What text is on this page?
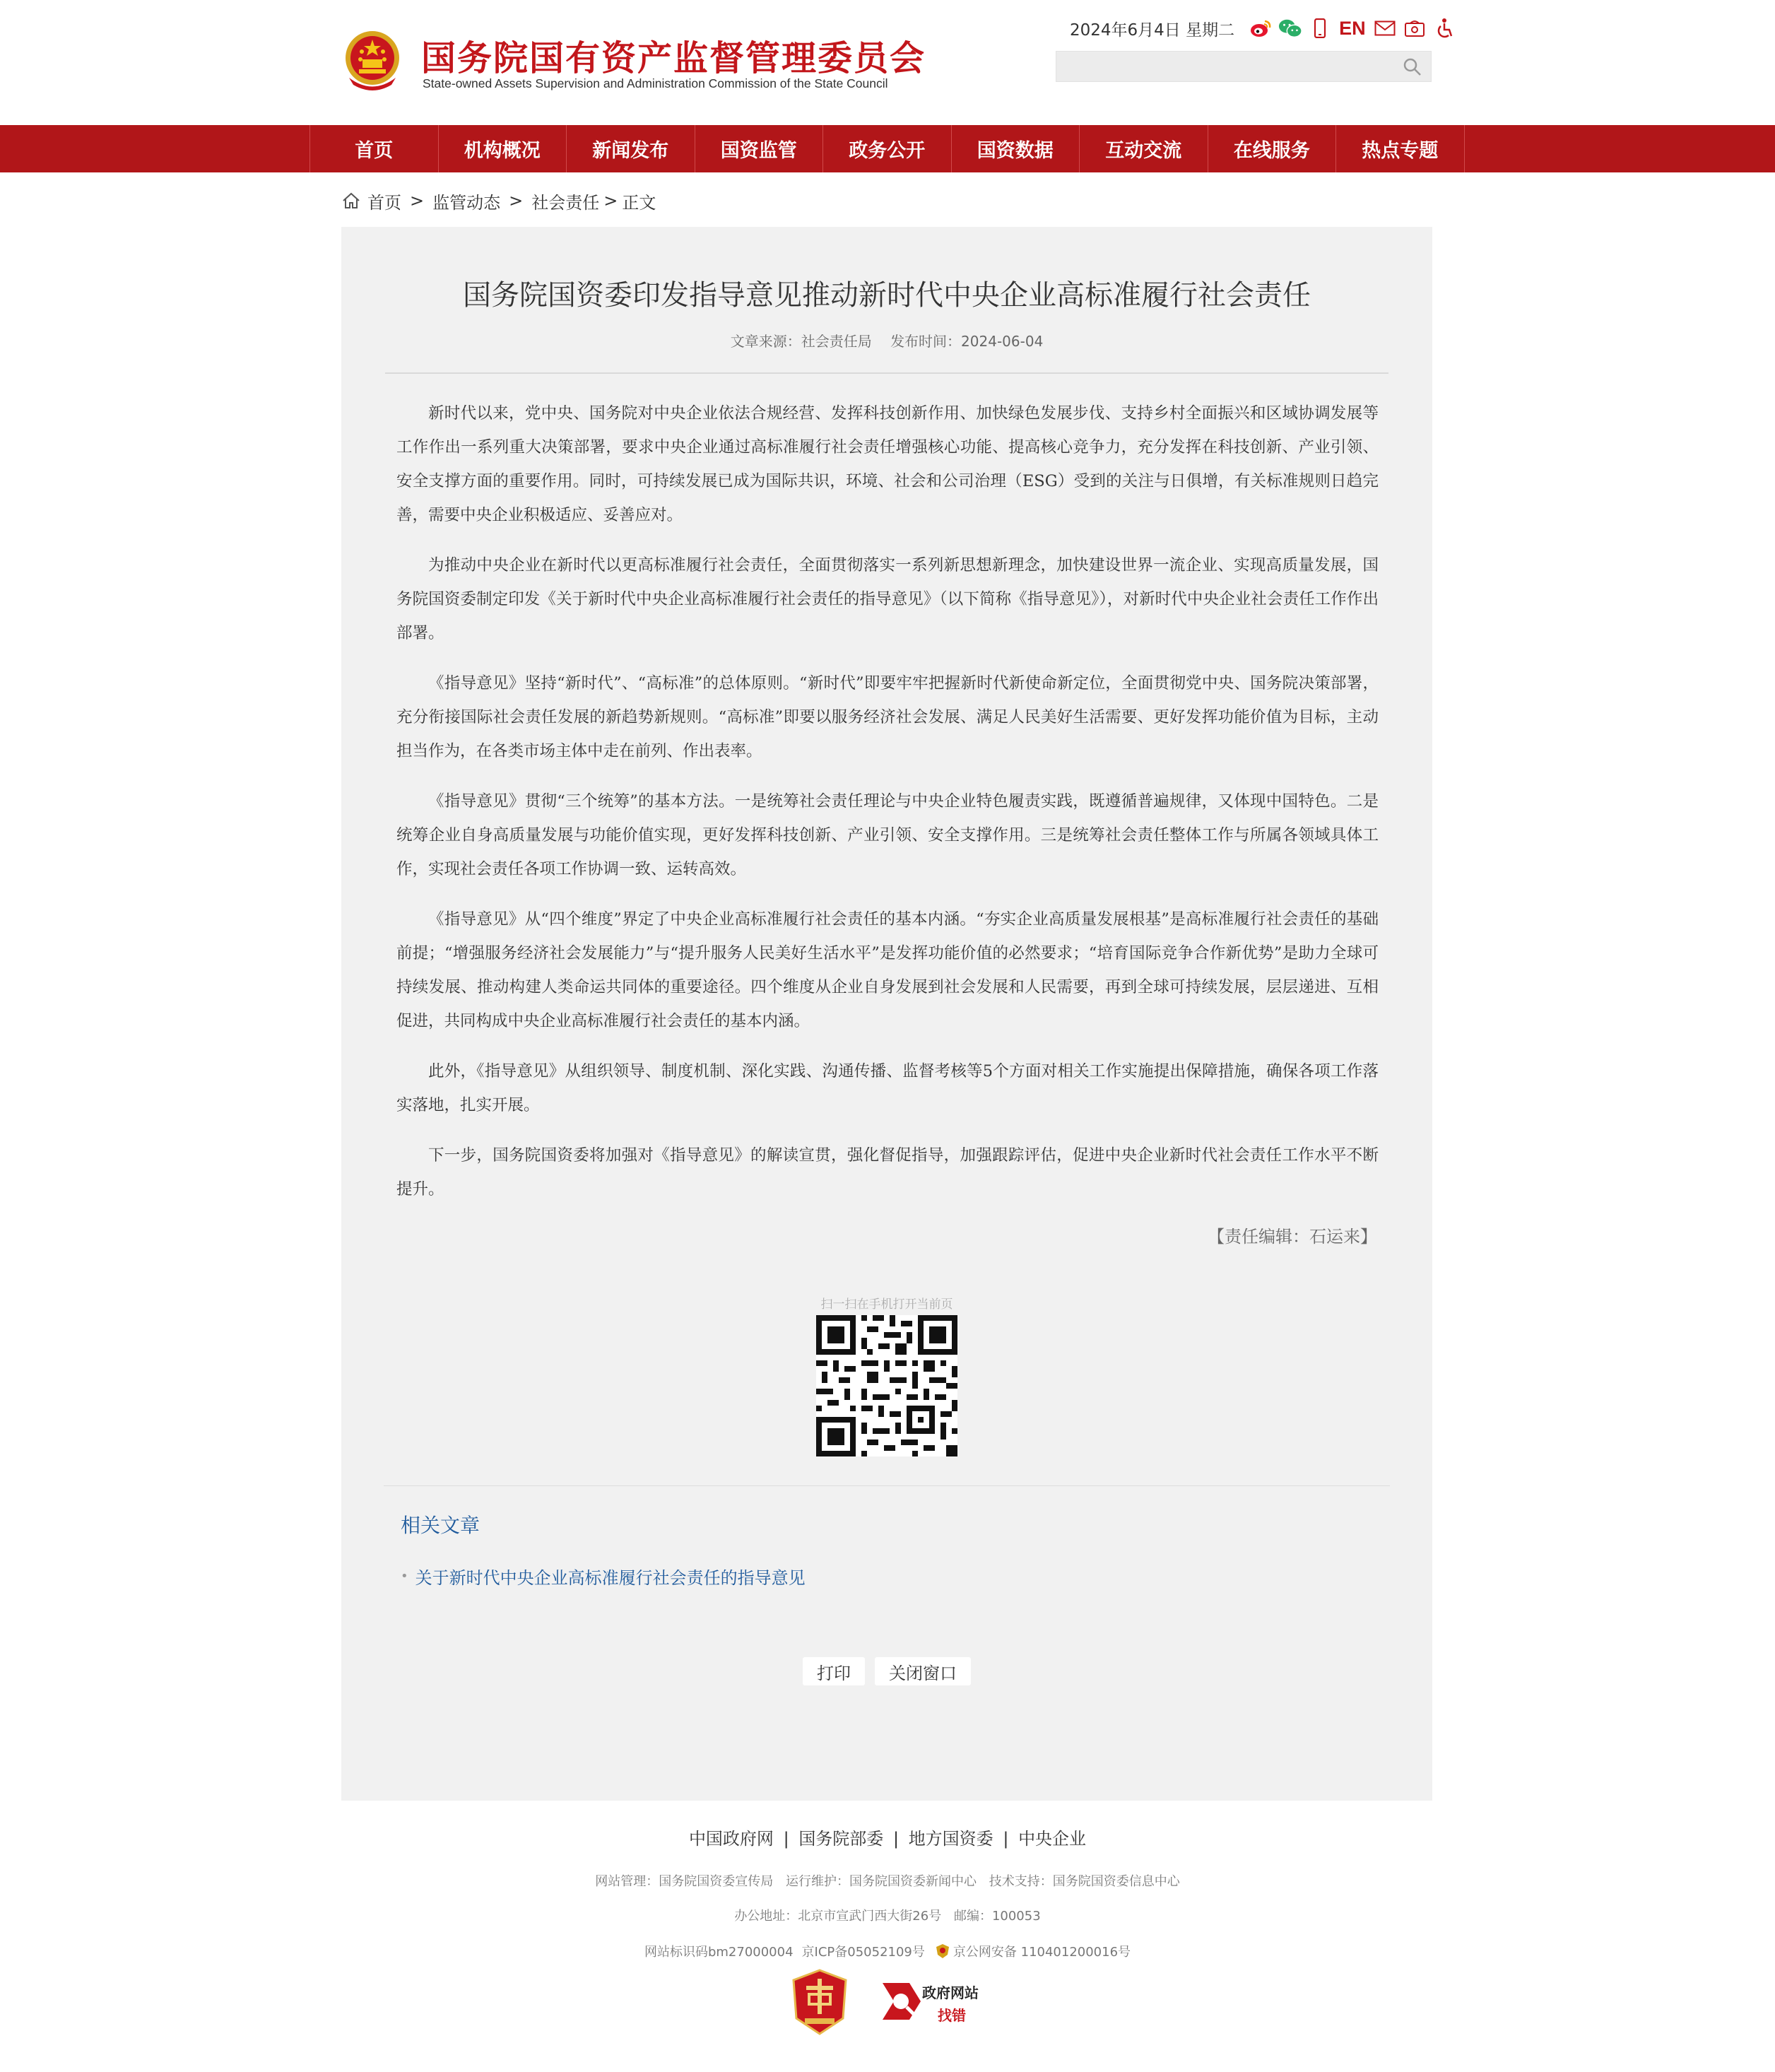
国务院国有资产监督管理委员会
State-owned Assets Supervision and Administration Commission of the State Council
2024年6月4日 星期二	EN
首页	机构概况	新闻发布	国资监管	政务公开	国资数据	互动交流	在线服务	热点专题
首页 > 监管动态 > 社会责任 > 正文
国务院国资委印发指导意见推动新时代中央企业高标准履行社会责任
文章来源：社会责任局 发布时间：2024-06-04

新时代以来，党中央、国务院对中央企业依法合规经营、发挥科技创新作用、加快绿色发展步伐、支持乡村全面振兴和区域协调发展等工作作出一系列重大决策部署，要求中央企业通过高标准履行社会责任增强核心功能、提高核心竞争力，充分发挥在科技创新、产业引领、安全支撑方面的重要作用。同时，可持续发展已成为国际共识，环境、社会和公司治理（ESG）受到的关注与日俱增，有关标准规则日趋完善，需要中央企业积极适应、妥善应对。

为推动中央企业在新时代以更高标准履行社会责任，全面贯彻落实一系列新思想新理念，加快建设世界一流企业、实现高质量发展，国务院国资委制定印发《关于新时代中央企业高标准履行社会责任的指导意见》（以下简称《指导意见》），对新时代中央企业社会责任工作作出部署。

《指导意见》坚持“新时代”、“高标准”的总体原则。“新时代”即要牢牢把握新时代新使命新定位，全面贯彻党中央、国务院决策部署，充分衔接国际社会责任发展的新趋势新规则。“高标准”即要以服务经济社会发展、满足人民美好生活需要、更好发挥功能价值为目标，主动担当作为，在各类市场主体中走在前列、作出表率。

《指导意见》贯彻“三个统筹”的基本方法。一是统筹社会责任理论与中央企业特色履责实践，既遵循普遍规律，又体现中国特色。二是统筹企业自身高质量发展与功能价值实现，更好发挥科技创新、产业引领、安全支撑作用。三是统筹社会责任整体工作与所属各领域具体工作，实现社会责任各项工作协调一致、运转高效。

《指导意见》从“四个维度”界定了中央企业高标准履行社会责任的基本内涵。“夯实企业高质量发展根基”是高标准履行社会责任的基础前提；“增强服务经济社会发展能力”与“提升服务人民美好生活水平”是发挥功能价值的必然要求；“培育国际竞争合作新优势”是助力全球可持续发展、推动构建人类命运共同体的重要途径。四个维度从企业自身发展到社会发展和人民需要，再到全球可持续发展，层层递进、互相促进，共同构成中央企业高标准履行社会责任的基本内涵。

此外，《指导意见》从组织领导、制度机制、深化实践、沟通传播、监督考核等5个方面对相关工作实施提出保障措施，确保各项工作落实落地，扎实开展。

下一步，国务院国资委将加强对《指导意见》的解读宣贯，强化督促指导，加强跟踪评估，促进中央企业新时代社会责任工作水平不断提升。

【责任编辑：石运来】
扫一扫在手机打开当前页
相关文章
• 关于新时代中央企业高标准履行社会责任的指导意见
打印	关闭窗口
中国政府网 | 国务院部委 | 地方国资委 | 中央企业
网站管理：国务院国资委宣传局 运行维护：国务院国资委新闻中心 技术支持：国务院国资委信息中心
办公地址：北京市宣武门西大街26号 邮编：100053
网站标识码bm27000004 京ICP备05052109号 京公网安备 110401200016号
政府网站
找错
